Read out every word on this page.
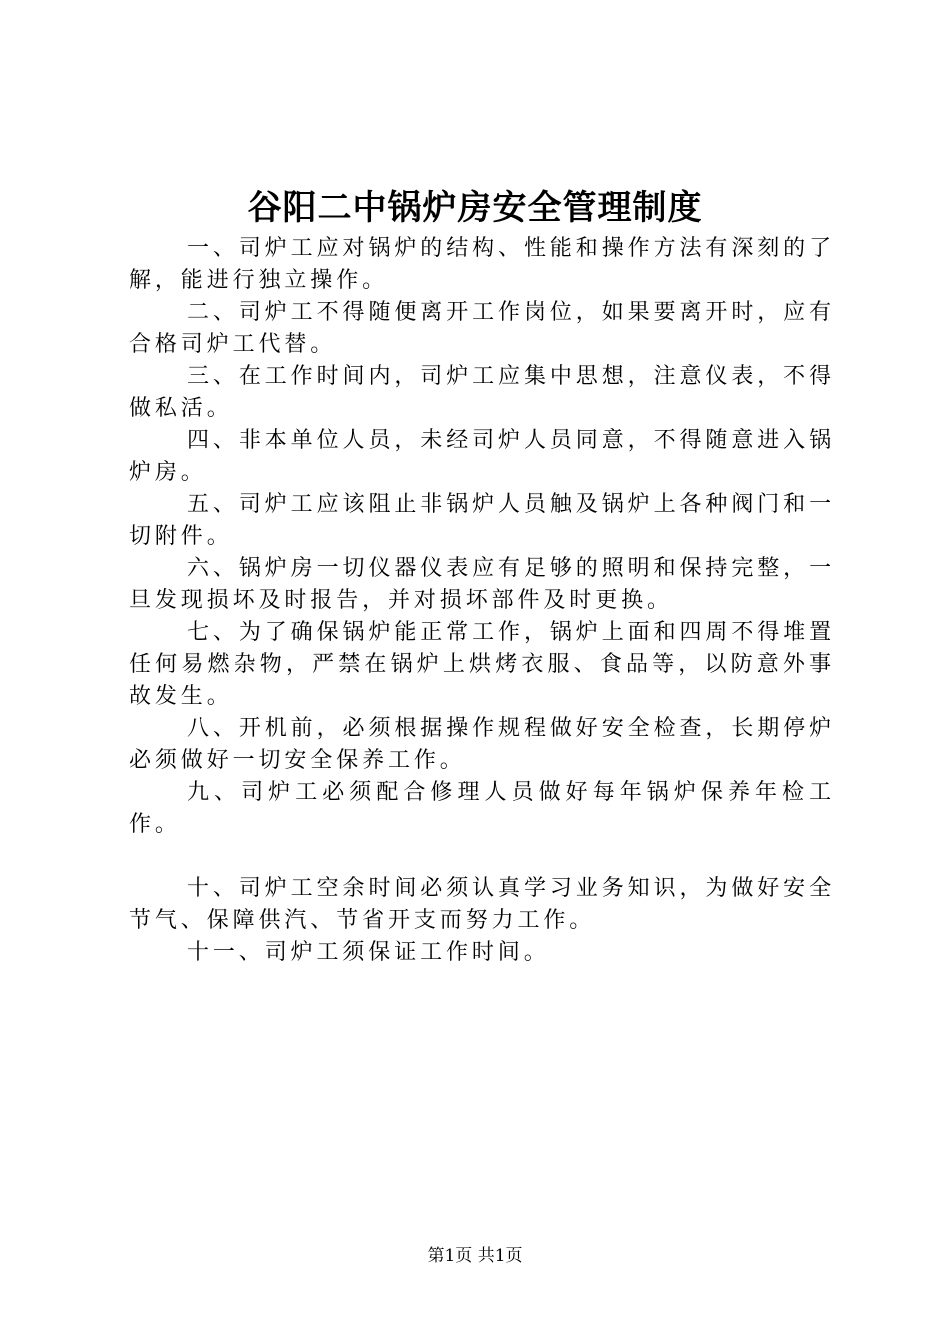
谷阳二中锅炉房安全管理制度

一、司炉工应对锅炉的结构、性能和操作方法有深刻的了解，能进行独立操作。

二、司炉工不得随便离开工作岗位，如果要离开时，应有合格司炉工代替。

三、在工作时间内，司炉工应集中思想，注意仪表，不得做私活。

四、非本单位人员，未经司炉人员同意，不得随意进入锅炉房。

五、司炉工应该阻止非锅炉人员触及锅炉上各种阀门和一切附件。

六、锅炉房一切仪器仪表应有足够的照明和保持完整，一旦发现损坏及时报告，并对损坏部件及时更换。

七、为了确保锅炉能正常工作，锅炉上面和四周不得堆置任何易燃杂物，严禁在锅炉上烘烤衣服、食品等，以防意外事故发生。

八、开机前，必须根据操作规程做好安全检查，长期停炉必须做好一切安全保养工作。

九、司炉工必须配合修理人员做好每年锅炉保养年检工作。

十、司炉工空余时间必须认真学习业务知识，为做好安全节气、保障供汽、节省开支而努力工作。

十一、司炉工须保证工作时间。

第1页 共1页
